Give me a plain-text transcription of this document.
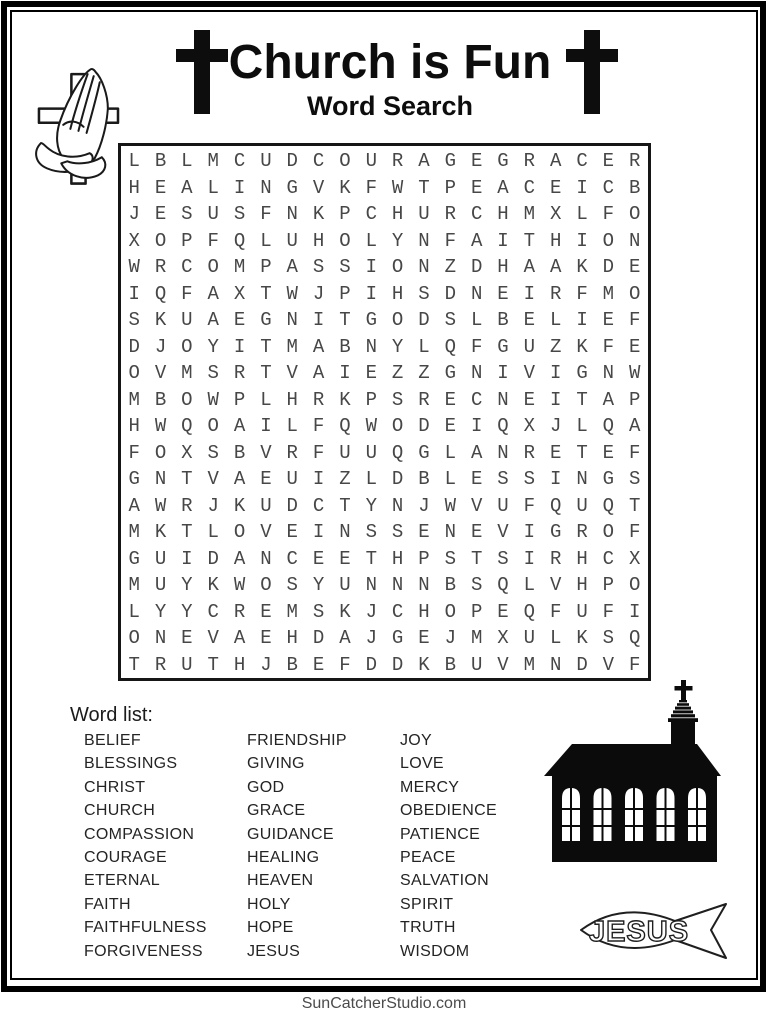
Church is Fun
Word Search
L B L M C U D C O U R A G E G R A C E R
H E A L I N G V K F W T P E A C E I C B
J E S U S F N K P C H U R C H M X L F O
X O P F Q L U H O L Y N F A I T H I O N
W R C O M P A S S I O N Z D H A A K D E
I Q F A X T W J P I H S D N E I R F M O
S K U A E G N I T G O D S L B E L I E F
D J O Y I T M A B N Y L Q F G U Z K F E
O V M S R T V A I E Z Z G N I V I G N W
M B O W P L H R K P S R E C N E I T A P
H W Q O A I L F Q W O D E I Q X J L Q A
F O X S B V R F U U Q G L A N R E T E F
G N T V A E U I Z L D B L E S S I N G S
A W R J K U D C T Y N J W V U F Q U Q T
M K T L O V E I N S S E N E V I G R O F
G U I D A N C E E T H P S T S I R H C X
M U Y K W O S Y U N N N B S Q L V H P O
L Y Y C R E M S K J C H O P E Q F U F I
O N E V A E H D A J G E J M X U L K S Q
T R U T H J B E F D D K B U V M N D V F
Word list:
BELIEF
BLESSINGS
CHRIST
CHURCH
COMPASSION
COURAGE
ETERNAL
FAITH
FAITHFULNESS
FORGIVENESS
FRIENDSHIP
GIVING
GOD
GRACE
GUIDANCE
HEALING
HEAVEN
HOLY
HOPE
JESUS
JOY
LOVE
MERCY
OBEDIENCE
PATIENCE
PEACE
SALVATION
SPIRIT
TRUTH
WISDOM
JESUS
SunCatcherStudio.com
